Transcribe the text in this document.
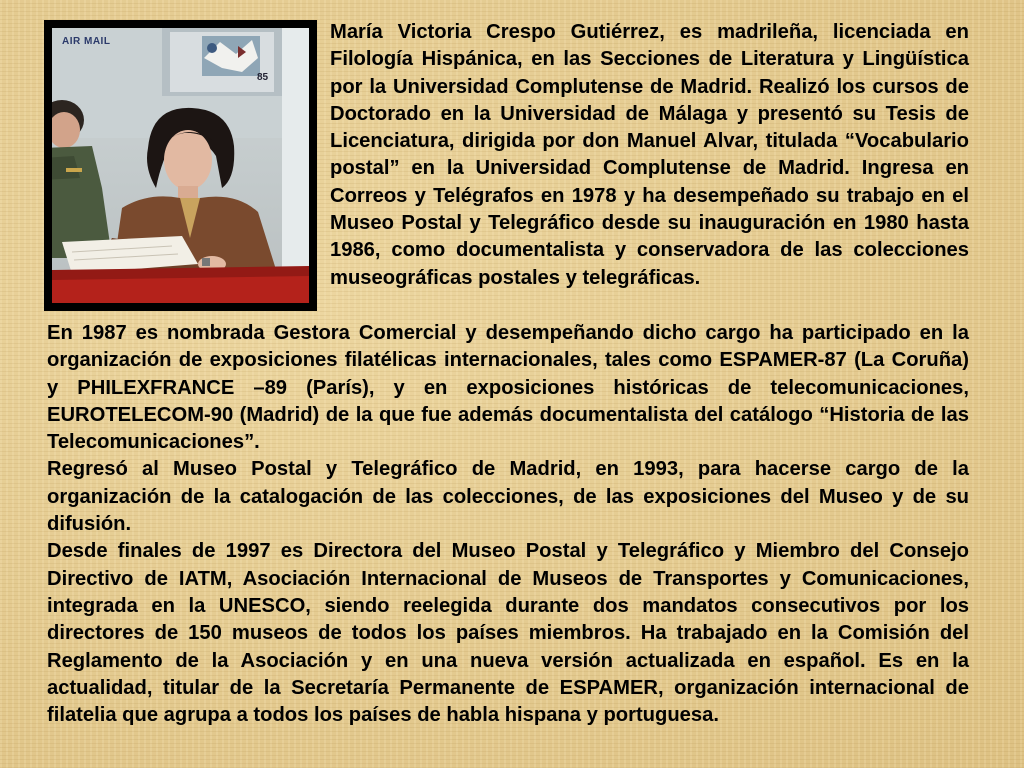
AIR MAIL
85

María Victoria Crespo Gutiérrez, es madrileña, licenciada en Filología Hispánica, en las Secciones de Literatura y Lingüística por la Universidad Complutense de Madrid. Realizó los cursos de Doctorado en la Universidad de Málaga y presentó su Tesis de Licenciatura, dirigida por don Manuel Alvar, titulada “Vocabulario postal” en la Universidad Complutense de Madrid. Ingresa en Correos y Telégrafos en 1978 y ha desempeñado su trabajo en el Museo Postal y Telegráfico desde su inauguración en 1980 hasta 1986, como documentalista y conservadora de las colecciones museográficas postales y telegráficas.

En 1987 es nombrada Gestora Comercial y desempeñando dicho cargo ha participado en la organización de exposiciones filatélicas internacionales, tales como ESPAMER-87 (La Coruña) y PHILEXFRANCE –89 (París), y en exposiciones históricas de telecomunicaciones, EUROTELECOM-90 (Madrid) de la que fue además documentalista del catálogo “Historia de las Telecomunicaciones”.

Regresó al Museo Postal y Telegráfico de Madrid, en 1993, para hacerse cargo de la organización de la catalogación de las colecciones, de las exposiciones del Museo y de su difusión.

Desde finales de 1997 es Directora del Museo Postal y Telegráfico y Miembro del Consejo Directivo de IATM, Asociación Internacional de Museos de Transportes y Comunicaciones, integrada en la UNESCO, siendo reelegida durante dos mandatos consecutivos por los directores de 150 museos de todos los países miembros. Ha trabajado en la Comisión del Reglamento de la Asociación y en una nueva versión actualizada en español. Es en la actualidad, titular de la Secretaría Permanente de ESPAMER, organización internacional de filatelia que agrupa a todos los países de habla hispana y portuguesa.
